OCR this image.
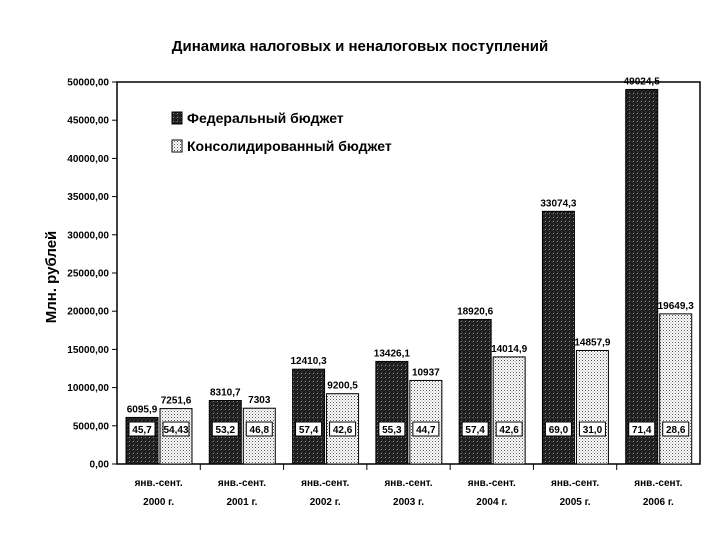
Динамика налоговых и неналоговых поступлений
0,00
5000,00
10000,00
15000,00
20000,00
25000,00
30000,00
35000,00
40000,00
45000,00
50000,00
Млн. рублей
янв.-сент.
2000 г.
6095,9
45,7
7251,6
54,43
янв.-сент.
2001 г.
8310,7
53,2
7303
46,8
янв.-сент.
2002 г.
12410,3
57,4
9200,5
42,6
янв.-сент.
2003 г.
13426,1
55,3
10937
44,7
янв.-сент.
2004 г.
18920,6
57,4
14014,9
42,6
янв.-сент.
2005 г.
33074,3
69,0
14857,9
31,0
янв.-сент.
2006 г.
49024,5
71,4
19649,3
28,6
Федеральный бюджет
Консолидированный бюджет
